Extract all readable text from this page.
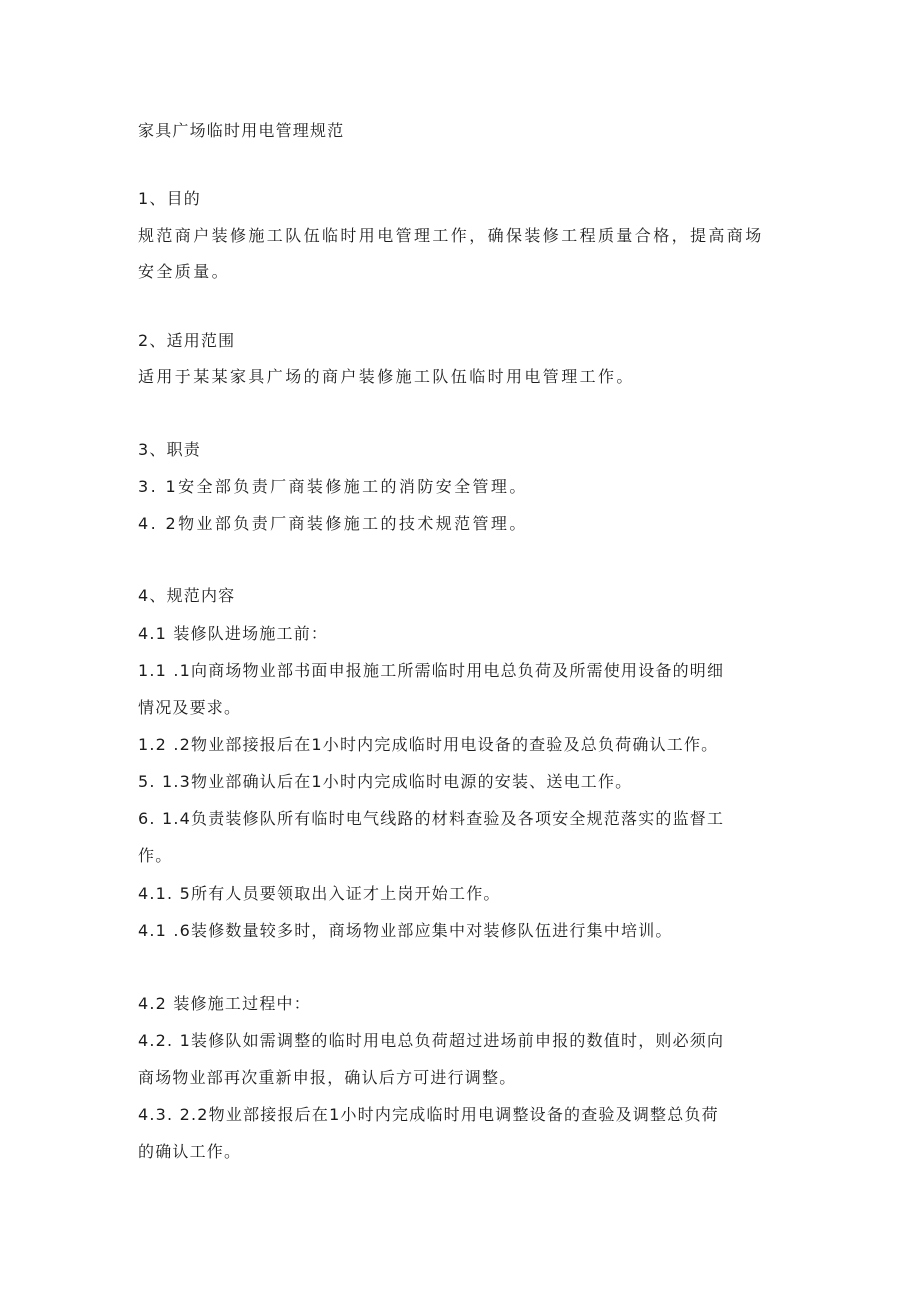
家具广场临时用电管理规范
1、目的
规范商户装修施工队伍临时用电管理工作，确保装修工程质量合格，提高商场
安全质量。
2、适用范围
适用于某某家具广场的商户装修施工队伍临时用电管理工作。
3、职责
3. 1安全部负责厂商装修施工的消防安全管理。
4. 2物业部负责厂商装修施工的技术规范管理。
4、规范内容
4.1 装修队进场施工前：
1.1 .1向商场物业部书面申报施工所需临时用电总负荷及所需使用设备的明细
情况及要求。
1.2 .2物业部接报后在1小时内完成临时用电设备的查验及总负荷确认工作。
5. 1.3物业部确认后在1小时内完成临时电源的安装、送电工作。
6. 1.4负责装修队所有临时电气线路的材料查验及各项安全规范落实的监督工
作。
4.1. 5所有人员要领取出入证才上岗开始工作。
4.1 .6装修数量较多时，商场物业部应集中对装修队伍进行集中培训。
4.2 装修施工过程中：
4.2. 1装修队如需调整的临时用电总负荷超过进场前申报的数值时，则必须向
商场物业部再次重新申报，确认后方可进行调整。
4.3. 2.2物业部接报后在1小时内完成临时用电调整设备的查验及调整总负荷
的确认工作。
